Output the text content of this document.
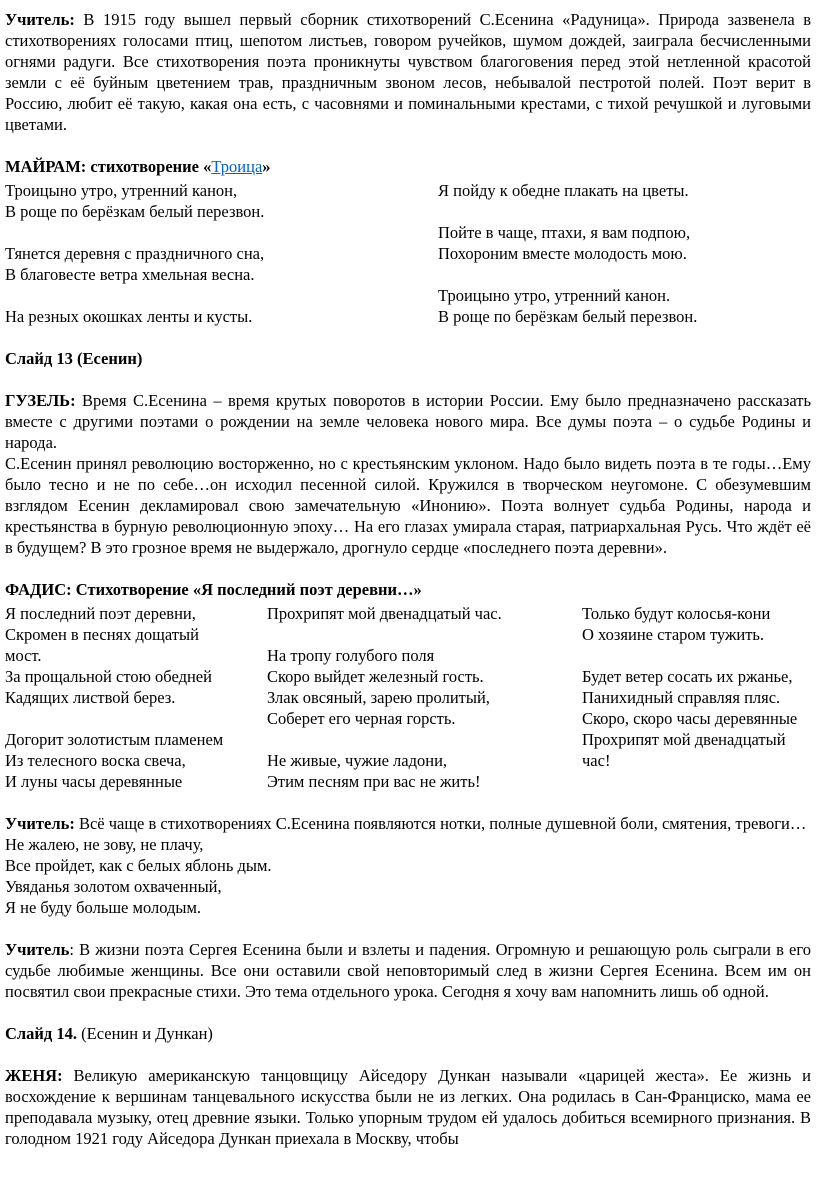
Учитель: В 1915 году вышел первый сборник стихотворений С.Есенина «Радуница». Природа зазвенела в стихотворениях голосами птиц, шепотом листьев, говором ручейков, шумом дождей, заиграла бесчисленными огнями радуги. Все стихотворения поэта проникнуты чувством благоговения перед этой нетленной красотой земли с её буйным цветением трав, праздничным звоном лесов, небывалой пестротой полей. Поэт верит в Россию, любит её такую, какая она есть, с часовнями и поминальными крестами, с тихой речушкой и луговыми цветами.

МАЙРАМ: стихотворение «Троица»

Троицыно утро, утренний канон,
В роще по берёзкам белый перезвон.
Тянется деревня с праздничного сна,
В благовесте ветра хмельная весна.
На резных окошках ленты и кусты.
Я пойду к обедне плакать на цветы.
Пойте в чаще, птахи, я вам подпою,
Похороним вместе молодость мою.
Троицыно утро, утренний канон.
В роще по берёзкам белый перезвон.

Слайд 13 (Есенин)

ГУЗЕЛЬ: Время С.Есенина – время крутых поворотов в истории России. Ему было предназначено рассказать вместе с другими поэтами о рождении на земле человека нового мира. Все думы поэта – о судьбе Родины и народа.

С.Есенин принял революцию восторженно, но с крестьянским уклоном. Надо было видеть поэта в те годы…Ему было тесно и не по себе…он исходил песенной силой. Кружился в творческом неугомоне. С обезумевшим взглядом Есенин декламировал свою замечательную «Инонию». Поэта волнует судьба Родины, народа и крестьянства в бурную революционную эпоху… На его глазах умирала старая, патриархальная Русь. Что ждёт её в будущем? В это грозное время не выдержало, дрогнуло сердце «последнего поэта деревни».

ФАДИС: Стихотворение «Я последний поэт деревни…»

Я последний поэт деревни,
Скромен в песнях дощатый
мост.
За прощальной стою обедней
Кадящих листвой берез.
Догорит золотистым пламенем
Из телесного воска свеча,
И луны часы деревянные
Прохрипят мой двенадцатый час.
На тропу голубого поля
Скоро выйдет железный гость.
Злак овсяный, зарею пролитый,
Соберет его черная горсть.
Не живые, чужие ладони,
Этим песням при вас не жить!
Только будут колосья-кони
О хозяине старом тужить.
Будет ветер сосать их ржанье,
Панихидный справляя пляс.
Скоро, скоро часы деревянные
Прохрипят мой двенадцатый
час!

Учитель: Всё чаще в стихотворениях С.Есенина появляются нотки, полные душевной боли, смятения, тревоги…

Не жалею, не зову, не плачу,
Все пройдет, как с белых яблонь дым.
Увяданья золотом охваченный,
Я не буду больше молодым.

Учитель: В жизни поэта Сергея Есенина были и взлеты и падения. Огромную и решающую роль сыграли в его судьбе любимые женщины. Все они оставили свой неповторимый след в жизни Сергея Есенина. Всем им он посвятил свои прекрасные стихи. Это тема отдельного урока. Сегодня я хочу вам напомнить лишь об одной.

Слайд 14. (Есенин и Дункан)

ЖЕНЯ: Великую американскую танцовщицу Айседору Дункан называли «царицей жеста». Ее жизнь и восхождение к вершинам танцевального искусства были не из легких. Она родилась в Сан-Франциско, мама ее преподавала музыку, отец древние языки. Только упорным трудом ей удалось добиться всемирного признания. В голодном 1921 году Айседора Дункан приехала в Москву, чтобы
